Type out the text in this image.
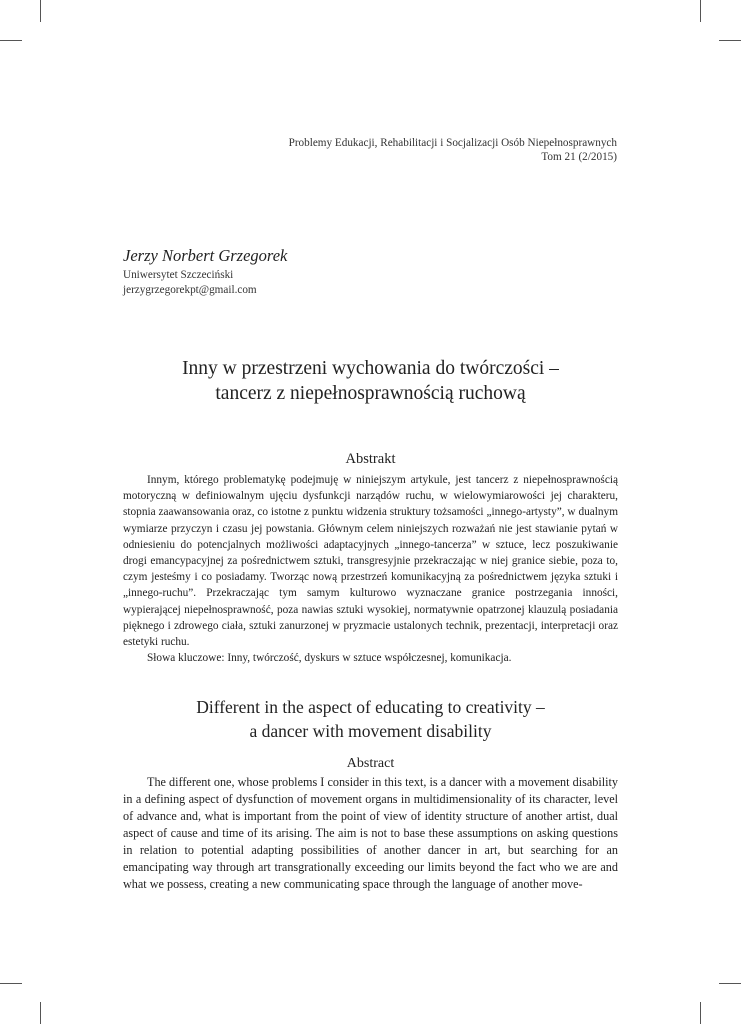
Problemy Edukacji, Rehabilitacji i Socjalizacji Osób Niepełnosprawnych
Tom 21 (2/2015)
Jerzy Norbert Grzegorek
Uniwersytet Szczeciński
jerzygrzegorekpt@gmail.com
Inny w przestrzeni wychowania do twórczości –
tancerz z niepełnosprawnością ruchową
Abstrakt

Innym, którego problematykę podejmuję w niniejszym artykule, jest tancerz z niepełnosprawnością motoryczną w definiowalnym ujęciu dysfunkcji narządów ruchu, w wielowymiarowości jej charakteru, stopnia zaawansowania oraz, co istotne z punktu widzenia struktury tożsamości „innego-artysty”, w dualnym wymiarze przyczyn i czasu jej powstania. Głównym celem niniejszych rozważań nie jest stawianie pytań w odniesieniu do potencjalnych możliwości adaptacyjnych „innego-tancerza” w sztuce, lecz poszukiwanie drogi emancypacyjnej za pośrednictwem sztuki, transgresyjnie przekraczając w niej granice siebie, poza to, czym jesteśmy i co posiadamy. Tworząc nową przestrzeń komunikacyjną za pośrednictwem języka sztuki i „innego-ruchu”. Przekraczając tym samym kulturowo wyznaczane granice postrzegania inności, wypierającej niepełnosprawność, poza nawias sztuki wysokiej, normatywnie opatrzonej klauzulą posiadania pięknego i zdrowego ciała, sztuki zanurzonej w pryzmacie ustalonych technik, prezentacji, interpretacji oraz estetyki ruchu.

Słowa kluczowe: Inny, twórczość, dyskurs w sztuce współczesnej, komunikacja.
Different in the aspect of educating to creativity –
a dancer with movement disability
Abstract

The different one, whose problems I consider in this text, is a dancer with a movement disability in a defining aspect of dysfunction of movement organs in multidimensionality of its character, level of advance and, what is important from the point of view of identity structure of another artist, dual aspect of cause and time of its arising. The aim is not to base these assumptions on asking questions in relation to potential adapting possibilities of another dancer in art, but searching for an emancipating way through art transgrationally exceeding our limits beyond the fact who we are and what we possess, creating a new communicating space through the language of another move-
